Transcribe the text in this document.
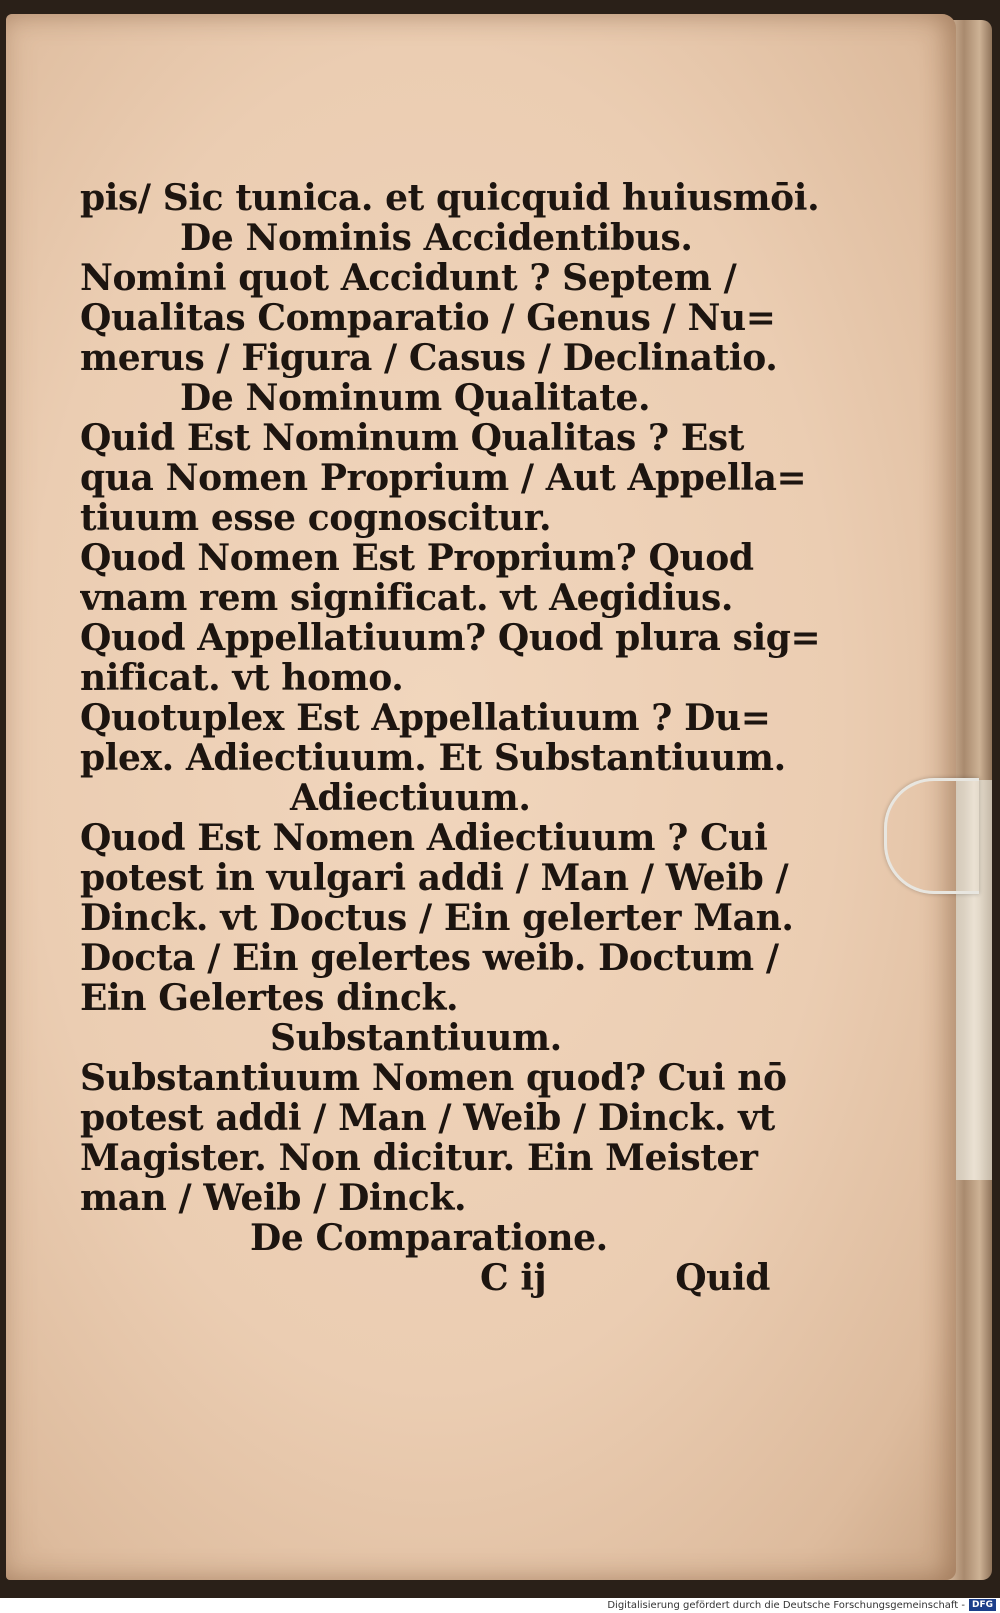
pis/ Sic tunica. et quicquid huiusmōi.
De Nominis Accidentibus.
Nomini quot Accidunt ? Septem /
Qualitas Comparatio / Genus / Nu=
merus / Figura / Casus / Declinatio.
De Nominum Qualitate.
Quid Est Nominum Qualitas ? Est
qua Nomen Proprium / Aut Appella=
tiuum esse cognoscitur.
Quod Nomen Est Proprium? Quod
vnam rem significat. vt Aegidius.
Quod Appellatiuum? Quod plura sig=
nificat. vt homo.
Quotuplex Est Appellatiuum ? Du=
plex. Adiectiuum. Et Substantiuum.
Adiectiuum.
Quod Est Nomen Adiectiuum ? Cui
potest in vulgari addi / Man / Weib /
Dinck. vt Doctus / Ein gelerter Man.
Docta / Ein gelertes weib. Doctum /
Ein Gelertes dinck.
Substantiuum.
Substantiuum Nomen quod? Cui nō
potest addi / Man / Weib / Dinck. vt
Magister. Non dicitur. Ein Meister
man / Weib / Dinck.
De Comparatione.
C ij	Quid
Digitalisierung gefördert durch die Deutsche Forschungsgemeinschaft - DFG
